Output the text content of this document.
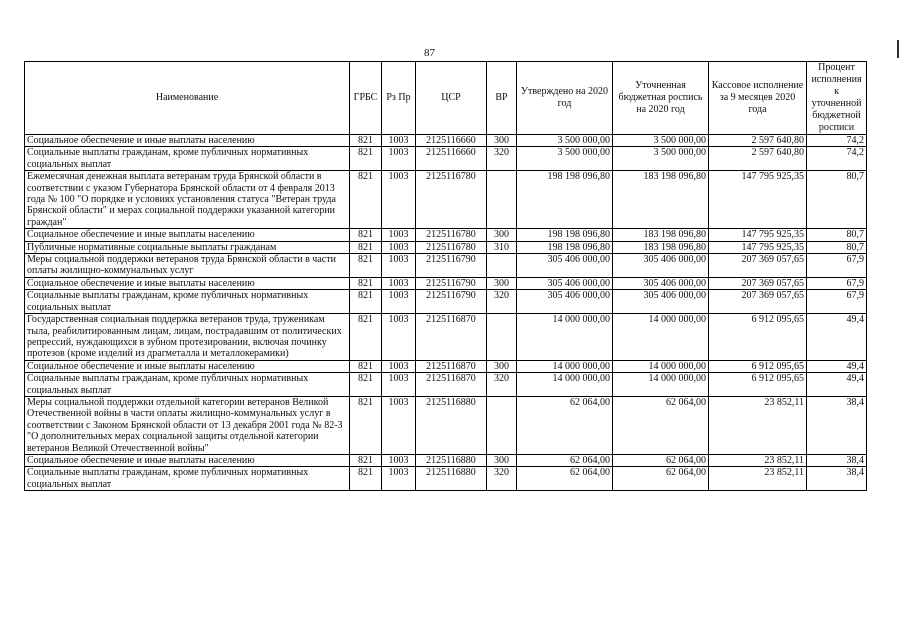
87
Наименование	ГРБС	Рз Пр	ЦСР	ВР	Утверждено на 2020 год	Уточненная бюджетная роспись на 2020 год	Кассовое исполнение за 9 месяцев 2020 года	Процент исполнения к уточненной бюджетной росписи
Социальное обеспечение и иные выплаты населению	821	1003	2125116660	300	3 500 000,00	3 500 000,00	2 597 640,80	74,2
Социальные выплаты гражданам, кроме публичных нормативных социальных выплат	821	1003	2125116660	320	3 500 000,00	3 500 000,00	2 597 640,80	74,2
Ежемесячная денежная выплата ветеранам труда Брянской области в соответствии с указом Губернатора Брянской области от 4 февраля 2013 года № 100 "О порядке и условиях установления статуса "Ветеран труда Брянской области" и мерах социальной поддержки указанной категории граждан"	821	1003	2125116780		198 198 096,80	183 198 096,80	147 795 925,35	80,7
Социальное обеспечение и иные выплаты населению	821	1003	2125116780	300	198 198 096,80	183 198 096,80	147 795 925,35	80,7
Публичные нормативные социальные выплаты гражданам	821	1003	2125116780	310	198 198 096,80	183 198 096,80	147 795 925,35	80,7
Меры социальной поддержки ветеранов труда Брянской области в части оплаты жилищно-коммунальных услуг	821	1003	2125116790		305 406 000,00	305 406 000,00	207 369 057,65	67,9
Социальное обеспечение и иные выплаты населению	821	1003	2125116790	300	305 406 000,00	305 406 000,00	207 369 057,65	67,9
Социальные выплаты гражданам, кроме публичных нормативных социальных выплат	821	1003	2125116790	320	305 406 000,00	305 406 000,00	207 369 057,65	67,9
Государственная социальная поддержка ветеранов труда, труженикам тыла, реабилитированным лицам, лицам, пострадавшим от политических репрессий, нуждающихся в зубном протезировании, включая починку протезов (кроме изделий из драгметалла и металлокерамики)	821	1003	2125116870		14 000 000,00	14 000 000,00	6 912 095,65	49,4
Социальное обеспечение и иные выплаты населению	821	1003	2125116870	300	14 000 000,00	14 000 000,00	6 912 095,65	49,4
Социальные выплаты гражданам, кроме публичных нормативных социальных выплат	821	1003	2125116870	320	14 000 000,00	14 000 000,00	6 912 095,65	49,4
Меры социальной поддержки отдельной категории ветеранов Великой Отечественной войны в части оплаты жилищно-коммунальных услуг в соответствии с Законом Брянской области от 13 декабря 2001 года № 82-З "О дополнительных мерах социальной защиты отдельной категории ветеранов Великой Отечественной войны"	821	1003	2125116880		62 064,00	62 064,00	23 852,11	38,4
Социальное обеспечение и иные выплаты населению	821	1003	2125116880	300	62 064,00	62 064,00	23 852,11	38,4
Социальные выплаты гражданам, кроме публичных нормативных социальных выплат	821	1003	2125116880	320	62 064,00	62 064,00	23 852,11	38,4
